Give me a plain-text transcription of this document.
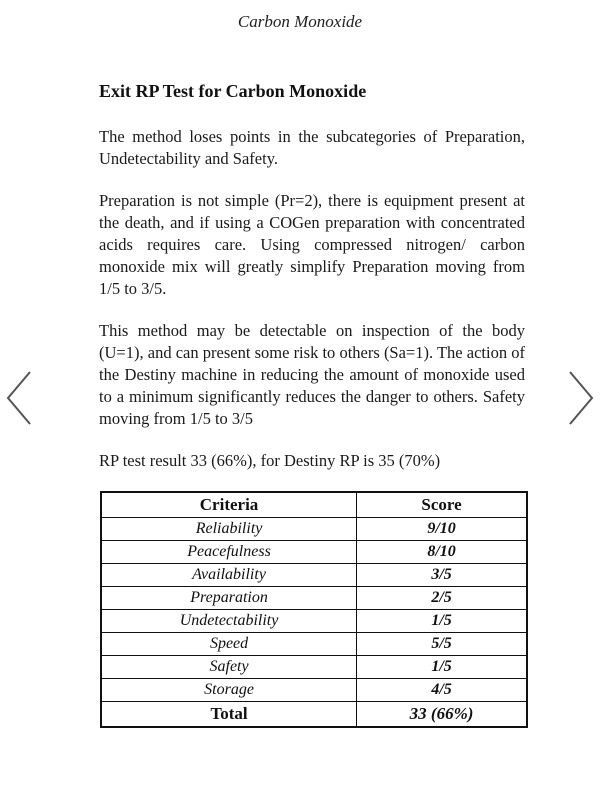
Carbon Monoxide
Exit RP Test for Carbon Monoxide

The method loses points in the subcategories of Preparation, Undetectability and Safety.

Preparation is not simple (Pr=2), there is equipment present at the death, and if using a COGen preparation with concentrated acids requires care. Using compressed nitrogen/ carbon monoxide mix will greatly simplify Preparation moving from 1/5 to 3/5.

This method may be detectable on inspection of the body (U=1), and can present some risk to others (Sa=1). The action of the Destiny machine in reducing the amount of monoxide used to a minimum significantly reduces the danger to others. Safety moving from 1/5 to 3/5

RP test result 33 (66%), for Destiny RP is 35 (70%)

Criteria	Score
Reliability	9/10
Peacefulness	8/10
Availability	3/5
Preparation	2/5
Undetectability	1/5
Speed	5/5
Safety	1/5
Storage	4/5
Total	33 (66%)
